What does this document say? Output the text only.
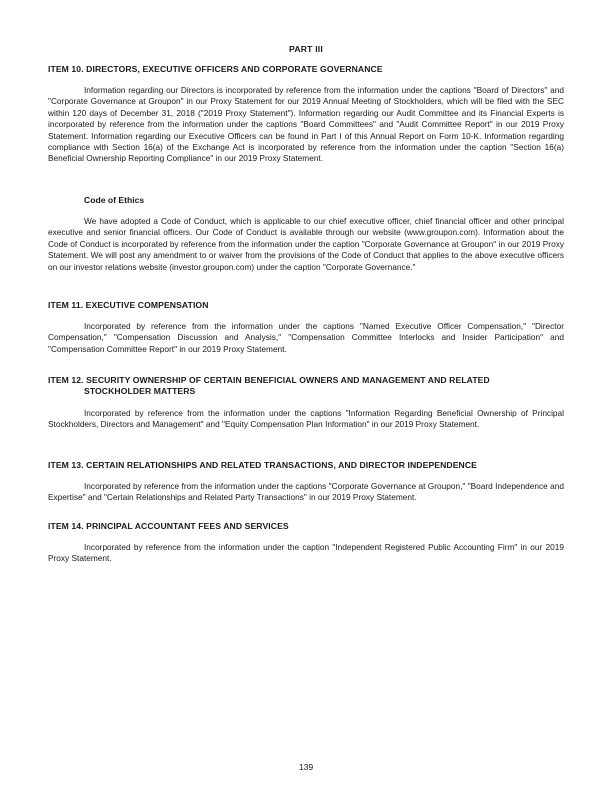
PART III
ITEM 10. DIRECTORS, EXECUTIVE OFFICERS AND CORPORATE GOVERNANCE
Information regarding our Directors is incorporated by reference from the information under the captions "Board of Directors" and "Corporate Governance at Groupon" in our Proxy Statement for our 2019 Annual Meeting of Stockholders, which will be filed with the SEC within 120 days of December 31, 2018 ("2019 Proxy Statement"). Information regarding our Audit Committee and its Financial Experts is incorporated by reference from the information under the captions "Board Committees" and "Audit Committee Report" in our 2019 Proxy Statement. Information regarding our Executive Officers can be found in Part I of this Annual Report on Form 10-K. Information regarding compliance with Section 16(a) of the Exchange Act is incorporated by reference from the information under the caption "Section 16(a) Beneficial Ownership Reporting Compliance" in our 2019 Proxy Statement.
Code of Ethics
We have adopted a Code of Conduct, which is applicable to our chief executive officer, chief financial officer and other principal executive and senior financial officers. Our Code of Conduct is available through our website (www.groupon.com). Information about the Code of Conduct is incorporated by reference from the information under the caption "Corporate Governance at Groupon" in our 2019 Proxy Statement. We will post any amendment to or waiver from the provisions of the Code of Conduct that applies to the above executive officers on our investor relations website (investor.groupon.com) under the caption "Corporate Governance."
ITEM 11. EXECUTIVE COMPENSATION
Incorporated by reference from the information under the captions "Named Executive Officer Compensation," "Director Compensation," "Compensation Discussion and Analysis," "Compensation Committee Interlocks and Insider Participation" and "Compensation Committee Report" in our 2019 Proxy Statement.
ITEM 12. SECURITY OWNERSHIP OF CERTAIN BENEFICIAL OWNERS AND MANAGEMENT AND RELATED
STOCKHOLDER MATTERS
Incorporated by reference from the information under the captions "Information Regarding Beneficial Ownership of Principal Stockholders, Directors and Management" and "Equity Compensation Plan Information" in our 2019 Proxy Statement.
ITEM 13. CERTAIN RELATIONSHIPS AND RELATED TRANSACTIONS, AND DIRECTOR INDEPENDENCE
Incorporated by reference from the information under the captions "Corporate Governance at Groupon," "Board Independence and Expertise" and "Certain Relationships and Related Party Transactions" in our 2019 Proxy Statement.
ITEM 14. PRINCIPAL ACCOUNTANT FEES AND SERVICES
Incorporated by reference from the information under the caption "Independent Registered Public Accounting Firm" in our 2019 Proxy Statement.
139
